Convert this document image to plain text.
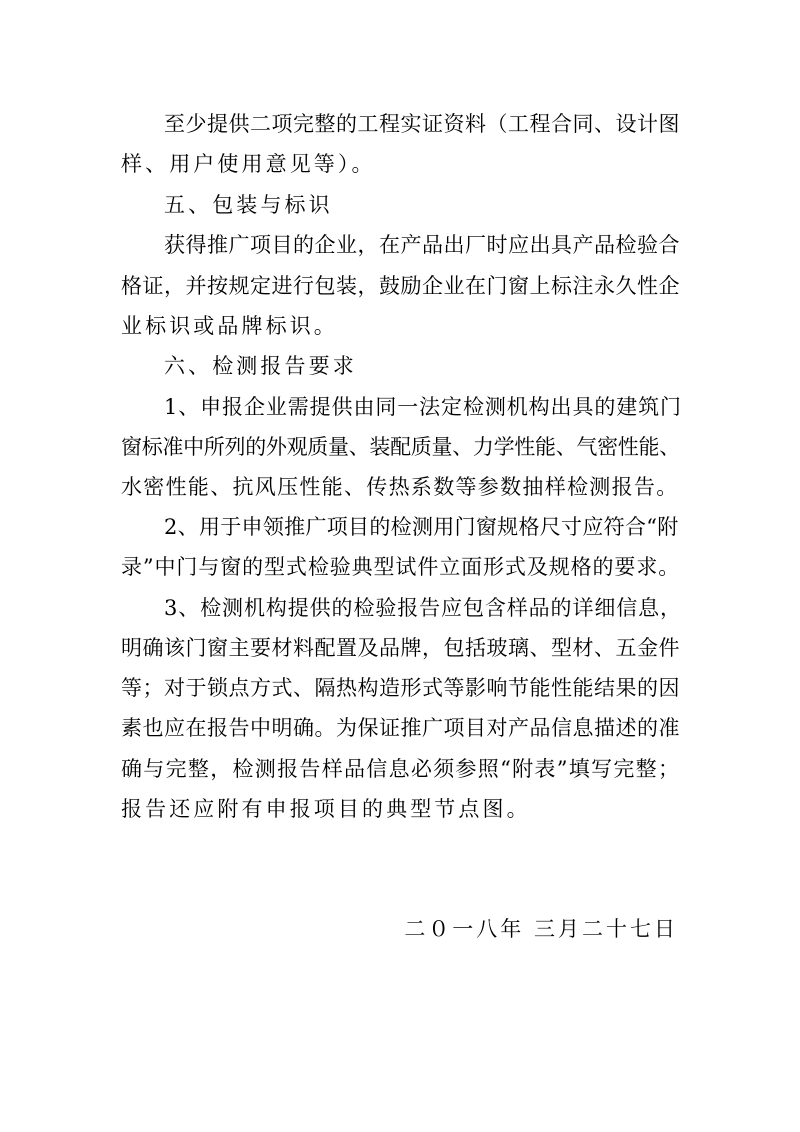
至少提供二项完整的工程实证资料（工程合同、设计图
样、用户使用意见等）。
五、包装与标识
获得推广项目的企业，在产品出厂时应出具产品检验合
格证，并按规定进行包装，鼓励企业在门窗上标注永久性企
业标识或品牌标识。
六、检测报告要求
1、申报企业需提供由同一法定检测机构出具的建筑门
窗标准中所列的外观质量、装配质量、力学性能、气密性能、
水密性能、抗风压性能、传热系数等参数抽样检测报告。
2、用于申领推广项目的检测用门窗规格尺寸应符合“附
录”中门与窗的型式检验典型试件立面形式及规格的要求。
3、检测机构提供的检验报告应包含样品的详细信息，
明确该门窗主要材料配置及品牌，包括玻璃、型材、五金件
等；对于锁点方式、隔热构造形式等影响节能性能结果的因
素也应在报告中明确。为保证推广项目对产品信息描述的准
确与完整，检测报告样品信息必须参照“附表”填写完整；
报告还应附有申报项目的典型节点图。
二０一八年 三月二十七日
